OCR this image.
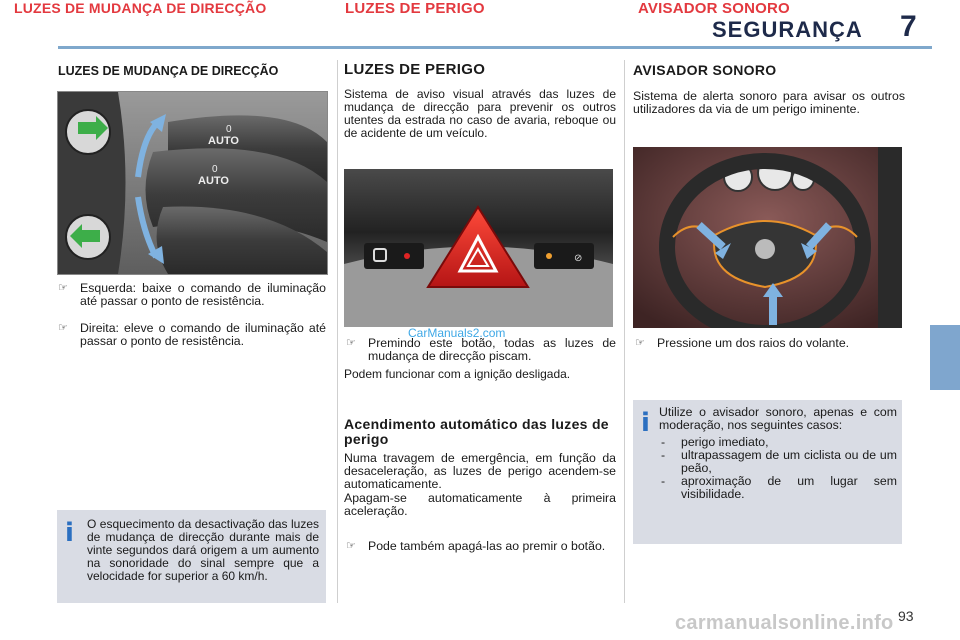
LUZES DE MUDANÇA DE DIRECÇÃO	LUZES DE PERIGO	AVISADOR SONORO
SEGURANÇA 7
LUZES DE MUDANÇA DE DIRECÇÃO
AUTO
0
AUTO
0
☞ Esquerda: baixe o comando de iluminação até passar o ponto de resistência.
☞ Direita: eleve o comando de iluminação até passar o ponto de resistência.
i O esquecimento da desactivação das luzes de mudança de direcção durante mais de vinte segundos dará origem a um aumento na sonoridade do sinal sempre que a velocidade for superior a 60 km/h.
LUZES DE PERIGO
Sistema de aviso visual através das luzes de mudança de direcção para prevenir os outros utentes da estrada no caso de avaria, reboque ou de acidente de um veículo.
⊘
CarManuals2.com
☞ Premindo este botão, todas as luzes de mudança de direcção piscam.
Podem funcionar com a ignição desligada.
Acendimento automático das luzes de perigo
Numa travagem de emergência, em função da desaceleração, as luzes de perigo acendem-se automaticamente.
Apagam-se automaticamente à primeira aceleração.
☞ Pode também apagá-las ao premir o botão.
AVISADOR SONORO
Sistema de alerta sonoro para avisar os outros utilizadores da via de um perigo iminente.
☞ Pressione um dos raios do volante.
i Utilize o avisador sonoro, apenas e com moderação, nos seguintes casos:
- perigo imediato,
- ultrapassagem de um ciclista ou de um peão,
- aproximação de um lugar sem visibilidade.
carmanualsonline.info 93
